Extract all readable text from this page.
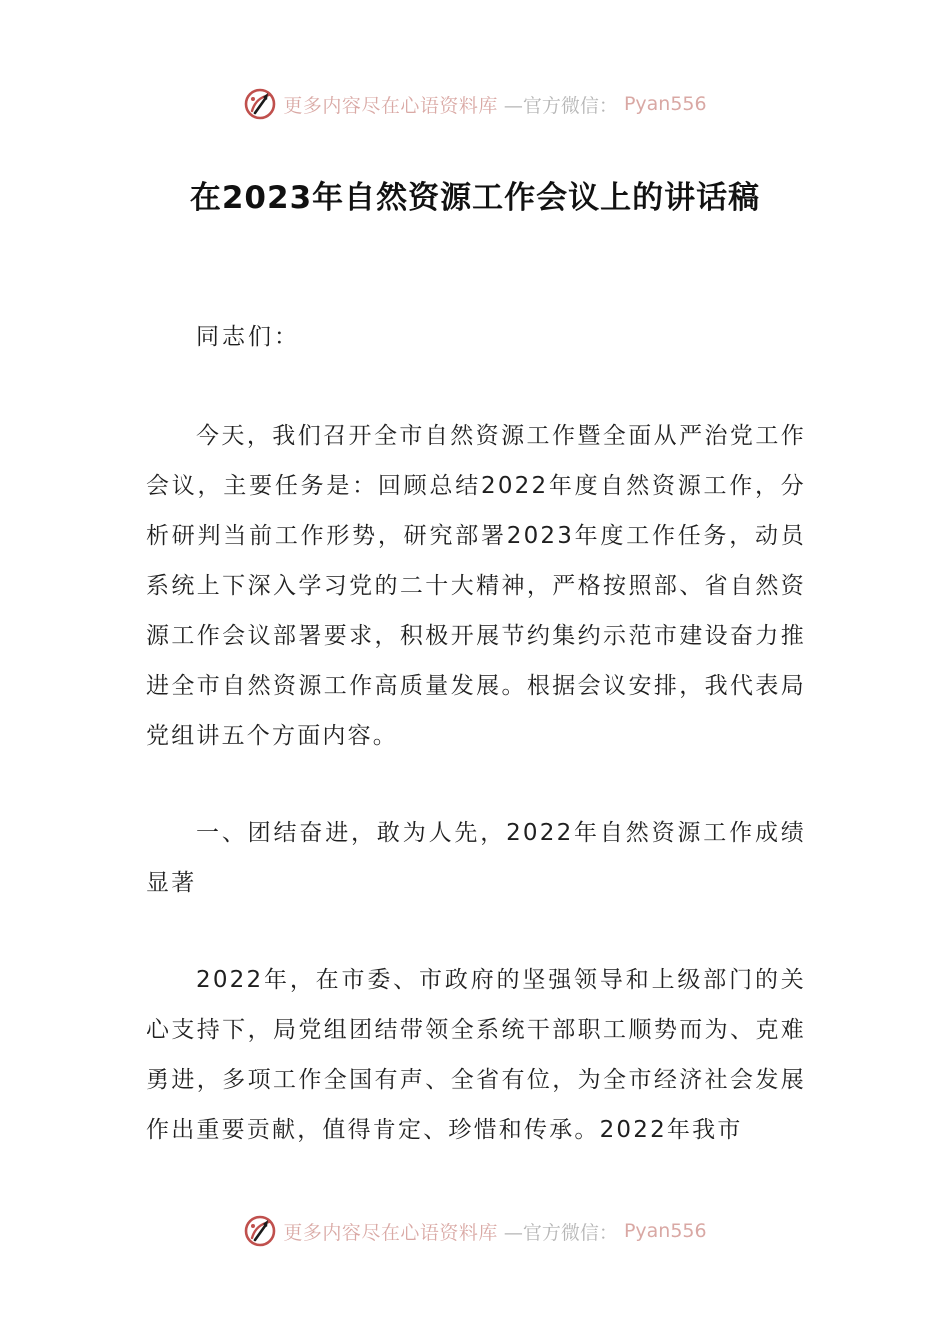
更多内容尽在心语资料库 —官方微信： Pyan556
在2023年自然资源工作会议上的讲话稿

同志们：

今天，我们召开全市自然资源工作暨全面从严治党工作会议，主要任务是：回顾总结2022年度自然资源工作，分析研判当前工作形势，研究部署2023年度工作任务，动员系统上下深入学习党的二十大精神，严格按照部、省自然资源工作会议部署要求，积极开展节约集约示范市建设奋力推进全市自然资源工作高质量发展。根据会议安排，我代表局党组讲五个方面内容。

一、团结奋进，敢为人先，2022年自然资源工作成绩显著

2022年，在市委、市政府的坚强领导和上级部门的关心支持下，局党组团结带领全系统干部职工顺势而为、克难勇进，多项工作全国有声、全省有位，为全市经济社会发展作出重要贡献，值得肯定、珍惜和传承。2022年我市

更多内容尽在心语资料库 —官方微信： Pyan556
